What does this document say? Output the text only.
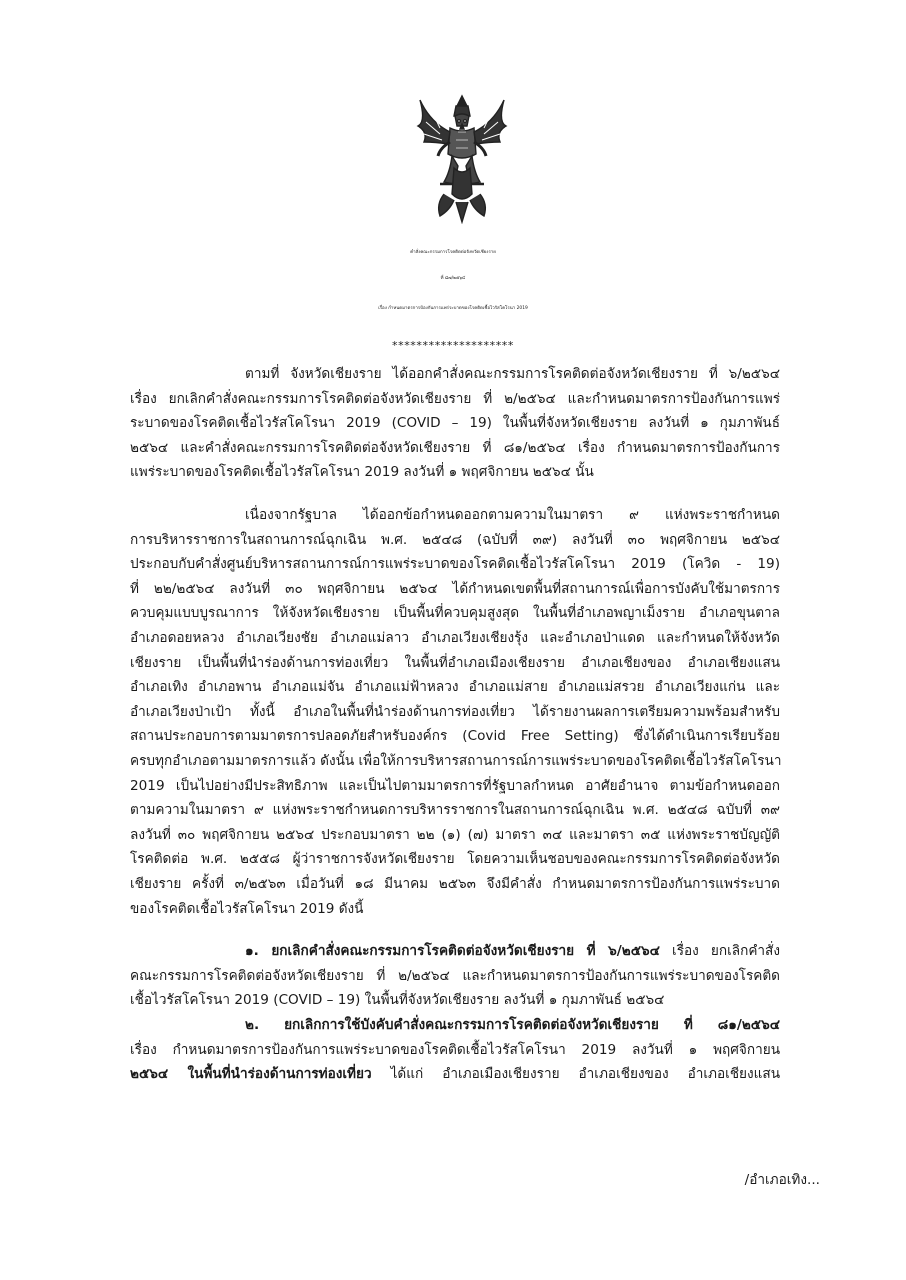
คำสั่งคณะกรรมการโรคติดต่อจังหวัดเชียงราย
ที่ ๘๗/๒๕๖๔
เรื่อง กำหนดมาตรการป้องกันการแพร่ระบาดของโรคติดเชื้อไวรัสโคโรนา 2019
********************
ตามที่ จังหวัดเชียงราย ได้ออกคำสั่งคณะกรรมการโรคติดต่อจังหวัดเชียงราย ที่ ๖/๒๕๖๔
เรื่อง ยกเลิกคำสั่งคณะกรรมการโรคติดต่อจังหวัดเชียงราย ที่ ๒/๒๕๖๔ และกำหนดมาตรการป้องกันการแพร่
ระบาดของโรคติดเชื้อไวรัสโคโรนา 2019 (COVID – 19) ในพื้นที่จังหวัดเชียงราย ลงวันที่ ๑ กุมภาพันธ์
๒๕๖๔ และคำสั่งคณะกรรมการโรคติดต่อจังหวัดเชียงราย ที่ ๘๑/๒๕๖๔ เรื่อง กำหนดมาตรการป้องกันการ
แพร่ระบาดของโรคติดเชื้อไวรัสโคโรนา 2019 ลงวันที่ ๑ พฤศจิกายน ๒๕๖๔ นั้น
เนื่องจากรัฐบาล ได้ออกข้อกำหนดออกตามความในมาตรา ๙ แห่งพระราชกำหนด
การบริหารราชการในสถานการณ์ฉุกเฉิน พ.ศ. ๒๕๔๘ (ฉบับที่ ๓๙) ลงวันที่ ๓๐ พฤศจิกายน ๒๕๖๔
ประกอบกับคำสั่งศูนย์บริหารสถานการณ์การแพร่ระบาดของโรคติดเชื้อไวรัสโคโรนา 2019 (โควิด - 19)
ที่ ๒๒/๒๕๖๔ ลงวันที่ ๓๐ พฤศจิกายน ๒๕๖๔ ได้กำหนดเขตพื้นที่สถานการณ์เพื่อการบังคับใช้มาตรการ
ควบคุมแบบบูรณาการ ให้จังหวัดเชียงราย เป็นพื้นที่ควบคุมสูงสุด ในพื้นที่อำเภอพญาเม็งราย อำเภอขุนตาล
อำเภอดอยหลวง อำเภอเวียงชัย อำเภอแม่ลาว อำเภอเวียงเชียงรุ้ง และอำเภอป่าแดด และกำหนดให้จังหวัด
เชียงราย เป็นพื้นที่นำร่องด้านการท่องเที่ยว ในพื้นที่อำเภอเมืองเชียงราย อำเภอเชียงของ อำเภอเชียงแสน
อำเภอเทิง อำเภอพาน อำเภอแม่จัน อำเภอแม่ฟ้าหลวง อำเภอแม่สาย อำเภอแม่สรวย อำเภอเวียงแก่น และ
อำเภอเวียงป่าเป้า ทั้งนี้ อำเภอในพื้นที่นำร่องด้านการท่องเที่ยว ได้รายงานผลการเตรียมความพร้อมสำหรับ
สถานประกอบการตามมาตรการปลอดภัยสำหรับองค์กร (Covid Free Setting) ซึ่งได้ดำเนินการเรียบร้อย
ครบทุกอำเภอตามมาตรการแล้ว ดังนั้น เพื่อให้การบริหารสถานการณ์การแพร่ระบาดของโรคติดเชื้อไวรัสโคโรนา
2019 เป็นไปอย่างมีประสิทธิภาพ และเป็นไปตามมาตรการที่รัฐบาลกำหนด อาศัยอำนาจ ตามข้อกำหนดออก
ตามความในมาตรา ๙ แห่งพระราชกำหนดการบริหารราชการในสถานการณ์ฉุกเฉิน พ.ศ. ๒๕๔๘ ฉบับที่ ๓๙
ลงวันที่ ๓๐ พฤศจิกายน ๒๕๖๔ ประกอบมาตรา ๒๒ (๑) (๗) มาตรา ๓๔ และมาตรา ๓๕ แห่งพระราชบัญญัติ
โรคติดต่อ พ.ศ. ๒๕๕๘ ผู้ว่าราชการจังหวัดเชียงราย โดยความเห็นชอบของคณะกรรมการโรคติดต่อจังหวัด
เชียงราย ครั้งที่ ๓/๒๕๖๓ เมื่อวันที่ ๑๘ มีนาคม ๒๕๖๓ จึงมีคำสั่ง กำหนดมาตรการป้องกันการแพร่ระบาด
ของโรคติดเชื้อไวรัสโคโรนา 2019 ดังนี้
๑. ยกเลิกคำสั่งคณะกรรมการโรคติดต่อจังหวัดเชียงราย ที่ ๖/๒๕๖๔ เรื่อง ยกเลิกคำสั่ง
คณะกรรมการโรคติดต่อจังหวัดเชียงราย ที่ ๒/๒๕๖๔ และกำหนดมาตรการป้องกันการแพร่ระบาดของโรคติด
เชื้อไวรัสโคโรนา 2019 (COVID – 19) ในพื้นที่จังหวัดเชียงราย ลงวันที่ ๑ กุมภาพันธ์ ๒๕๖๔
๒. ยกเลิกการใช้บังคับคำสั่งคณะกรรมการโรคติดต่อจังหวัดเชียงราย ที่ ๘๑/๒๕๖๔
เรื่อง กำหนดมาตรการป้องกันการแพร่ระบาดของโรคติดเชื้อไวรัสโคโรนา 2019 ลงวันที่ ๑ พฤศจิกายน
๒๕๖๔ ในพื้นที่นำร่องด้านการท่องเที่ยว ได้แก่ อำเภอเมืองเชียงราย อำเภอเชียงของ อำเภอเชียงแสน
/อำเภอเทิง...
